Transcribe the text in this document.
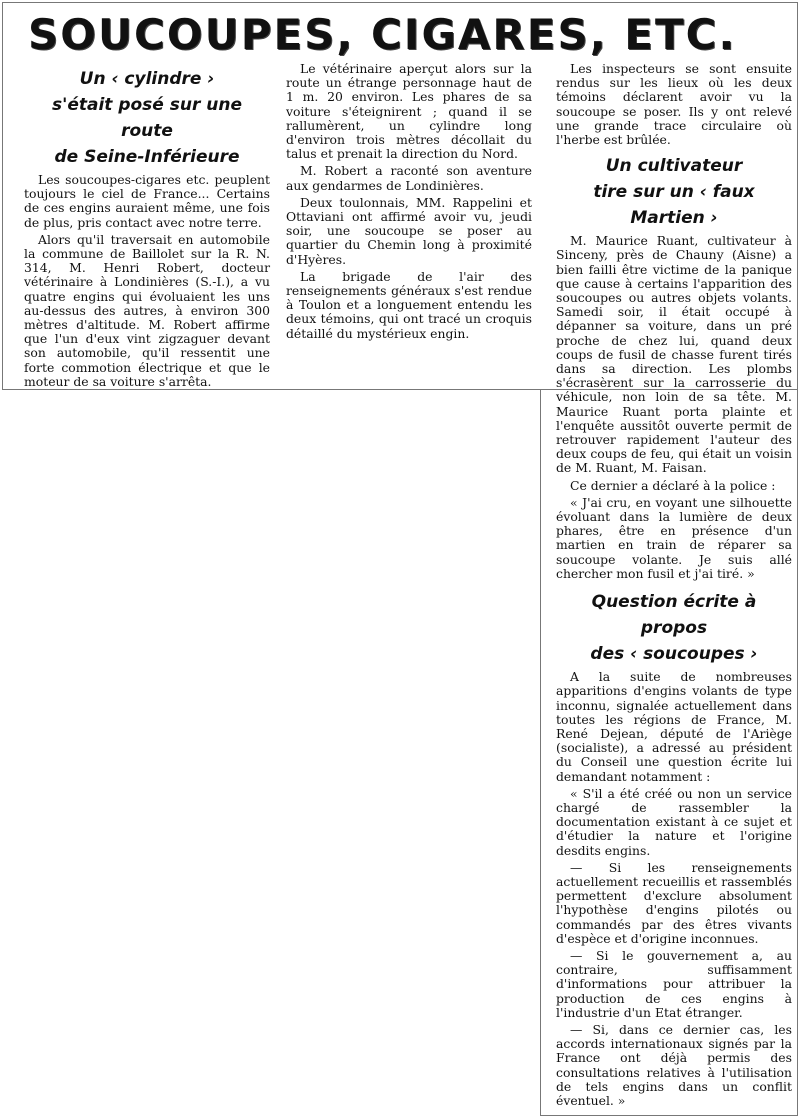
SOUCOUPES, CIGARES, ETC.
Un ‹ cylindre ›
s'était posé sur une route
de Seine-Inférieure

Les soucoupes-cigares etc. peuplent toujours le ciel de France... Certains de ces engins auraient même, une fois de plus, pris contact avec notre terre.

Alors qu'il traversait en automobile la commune de Baillolet sur la R. N. 314, M. Henri Robert, docteur vétérinaire à Londinières (S.-I.), a vu quatre engins qui évoluaient les uns au-dessus des autres, à environ 300 mètres d'altitude. M. Robert affirme que l'un d'eux vint zigzaguer devant son automobile, qu'il ressentit une forte commotion électrique et que le moteur de sa voiture s'arrêta.

Le vétérinaire aperçut alors sur la route un étrange personnage haut de 1 m. 20 environ. Les phares de sa voiture s'éteignirent ; quand il se rallumèrent, un cylindre long d'environ trois mètres décollait du talus et prenait la direction du Nord.

M. Robert a raconté son aventure aux gendarmes de Londinières.

Deux toulonnais, MM. Rappelini et Ottaviani ont affirmé avoir vu, jeudi soir, une soucoupe se poser au quartier du Chemin long à proximité d'Hyères.

La brigade de l'air des renseignements généraux s'est rendue à Toulon et a longuement entendu les deux témoins, qui ont tracé un croquis détaillé du mystérieux engin.

Les inspecteurs se sont ensuite rendus sur les lieux où les deux témoins déclarent avoir vu la soucoupe se poser. Ils y ont relevé une grande trace circulaire où l'herbe est brûlée.

Un cultivateur
tire sur un ‹ faux Martien ›

M. Maurice Ruant, cultivateur à Sinceny, près de Chauny (Aisne) a bien failli être victime de la panique que cause à certains l'apparition des soucoupes ou autres objets volants. Samedi soir, il était occupé à dépanner sa voiture, dans un pré proche de chez lui, quand deux coups de fusil de chasse furent tirés dans sa direction. Les plombs s'écrasèrent sur la carrosserie du véhicule, non loin de sa tête. M. Maurice Ruant porta plainte et l'enquête aussitôt ouverte permit de retrouver rapidement l'auteur des deux coups de feu, qui était un voisin de M. Ruant, M. Faisan.

Ce dernier a déclaré à la police :

« J'ai cru, en voyant une silhouette évoluant dans la lumière de deux phares, être en présence d'un martien en train de réparer sa soucoupe volante. Je suis allé chercher mon fusil et j'ai tiré. »

Question écrite à propos
des ‹ soucoupes ›

A la suite de nombreuses apparitions d'engins volants de type inconnu, signalée actuellement dans toutes les régions de France, M. René Dejean, député de l'Ariège (socialiste), a adressé au président du Conseil une question écrite lui demandant notamment :

« S'il a été créé ou non un service chargé de rassembler la documentation existant à ce sujet et d'étudier la nature et l'origine desdits engins.

— Si les renseignements actuellement recueillis et rassemblés permettent d'exclure absolument l'hypothèse d'engins pilotés ou commandés par des êtres vivants d'espèce et d'origine inconnues.

— Si le gouvernement a, au contraire, suffisamment d'informations pour attribuer la production de ces engins à l'industrie d'un Etat étranger.

— Si, dans ce dernier cas, les accords internationaux signés par la France ont déjà permis des consultations relatives à l'utilisation de tels engins dans un conflit éventuel. »
